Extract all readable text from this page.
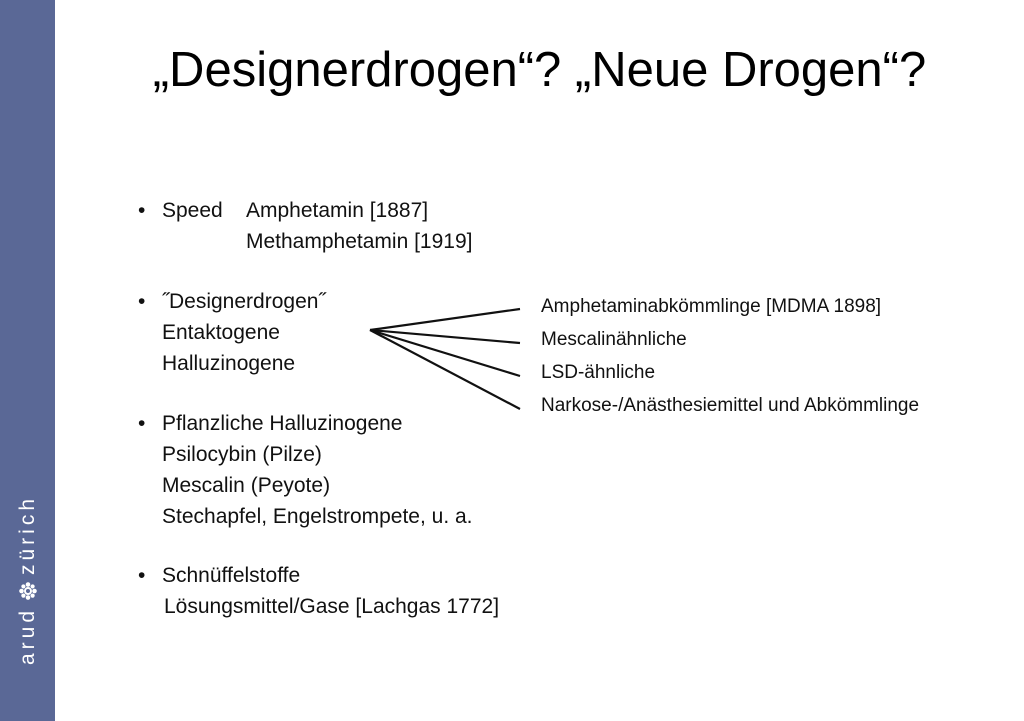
arud
zürich
„Designerdrogen“? „Neue Drogen“?
• Speed Amphetamin [1887]
Methamphetamin [1919]
• ˝Designerdrogen˝
Entaktogene
Halluzinogene
• Pflanzliche Halluzinogene
Psilocybin (Pilze)
Mescalin (Peyote)
Stechapfel, Engelstrompete, u. a.
• Schnüffelstoffe
Lösungsmittel/Gase [Lachgas 1772]
Amphetaminabkömmlinge [MDMA 1898]
Mescalinähnliche
LSD-ähnliche
Narkose-/Anästhesiemittel und Abkömmlinge
